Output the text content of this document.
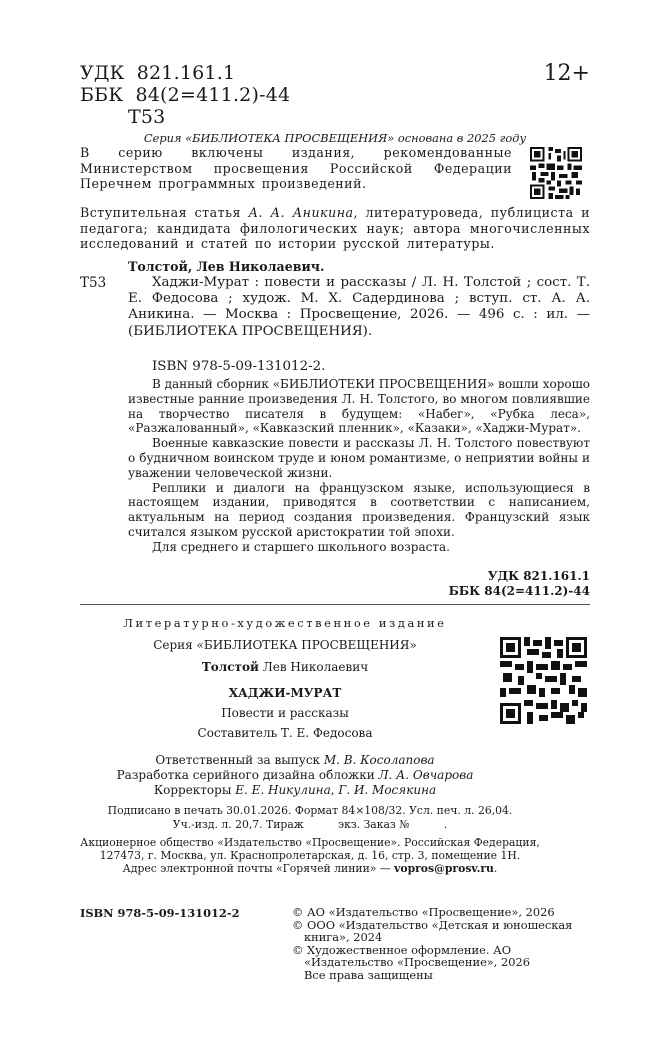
УДК 821.161.1
ББК 84(2=411.2)-44
Т53
12+
Серия «БИБЛИОТЕКА ПРОСВЕЩЕНИЯ» основана в 2025 году
В серию включены издания, рекомендованные Министерством просвещения Российской Федерации Перечнем программных произведений.
Вступительная статья А. А. Аникина, литературоведа, публициста и педагога; кандидата филологических наук; автора многочисленных исследований и статей по истории русской литературы.
Толстой, Лев Николаевич.
Т53	Хаджи-Мурат : повести и рассказы / Л. Н. Толстой ; сост. Т. Е. Федосова ; худож. М. Х. Садердинова ; вступ. ст. А. А. Аникина. — Москва : Просвещение, 2026. — 496 с. : ил. — (БИБЛИОТЕКА ПРОСВЕЩЕНИЯ).
ISBN 978-5-09-131012-2.

В данный сборник «БИБЛИОТЕКИ ПРОСВЕЩЕНИЯ» вошли хорошо известные ранние произведения Л. Н. Толстого, во многом повлиявшие на творчество писателя в будущем: «Набег», «Рубка леса», «Разжалованный», «Кавказский пленник», «Казаки», «Хаджи-Мурат».

Военные кавказские повести и рассказы Л. Н. Толстого повествуют о будничном воинском труде и юном романтизме, о неприятии войны и уважении человеческой жизни.

Реплики и диалоги на французском языке, использующиеся в настоящем издании, приводятся в соответствии с написанием, актуальным на период создания произведения. Французский язык считался языком русской аристократии той эпохи.

Для среднего и старшего школьного возраста.

УДК 821.161.1
ББК 84(2=411.2)-44
Литературно-художественное издание
Серия «БИБЛИОТЕКА ПРОСВЕЩЕНИЯ»
Толстой Лев Николаевич
ХАДЖИ-МУРАТ
Повести и рассказы
Составитель Т. Е. Федосова
Ответственный за выпуск М. В. Косолапова
Разработка серийного дизайна обложки Л. А. Овчарова
Корректоры Е. Е. Никулина, Г. И. Мосякина
Подписано в печать 30.01.2026. Формат 84×108/32. Усл. печ. л. 26,04.
Уч.-изд. л. 20,7. Тираж          экз. Заказ №          .
Акционерное общество «Издательство «Просвещение». Российская Федерация,
127473, г. Москва, ул. Краснопролетарская, д. 16, стр. 3, помещение 1Н.
Адрес электронной почты «Горячей линии» — vopros@prosv.ru.
ISBN 978-5-09-131012-2	© АО «Издательство «Просвещение», 2026

© ООО «Издательство «Детская и юношеская книга», 2024

© Художественное оформление. АО «Издательство «Просвещение», 2026

Все права защищены
